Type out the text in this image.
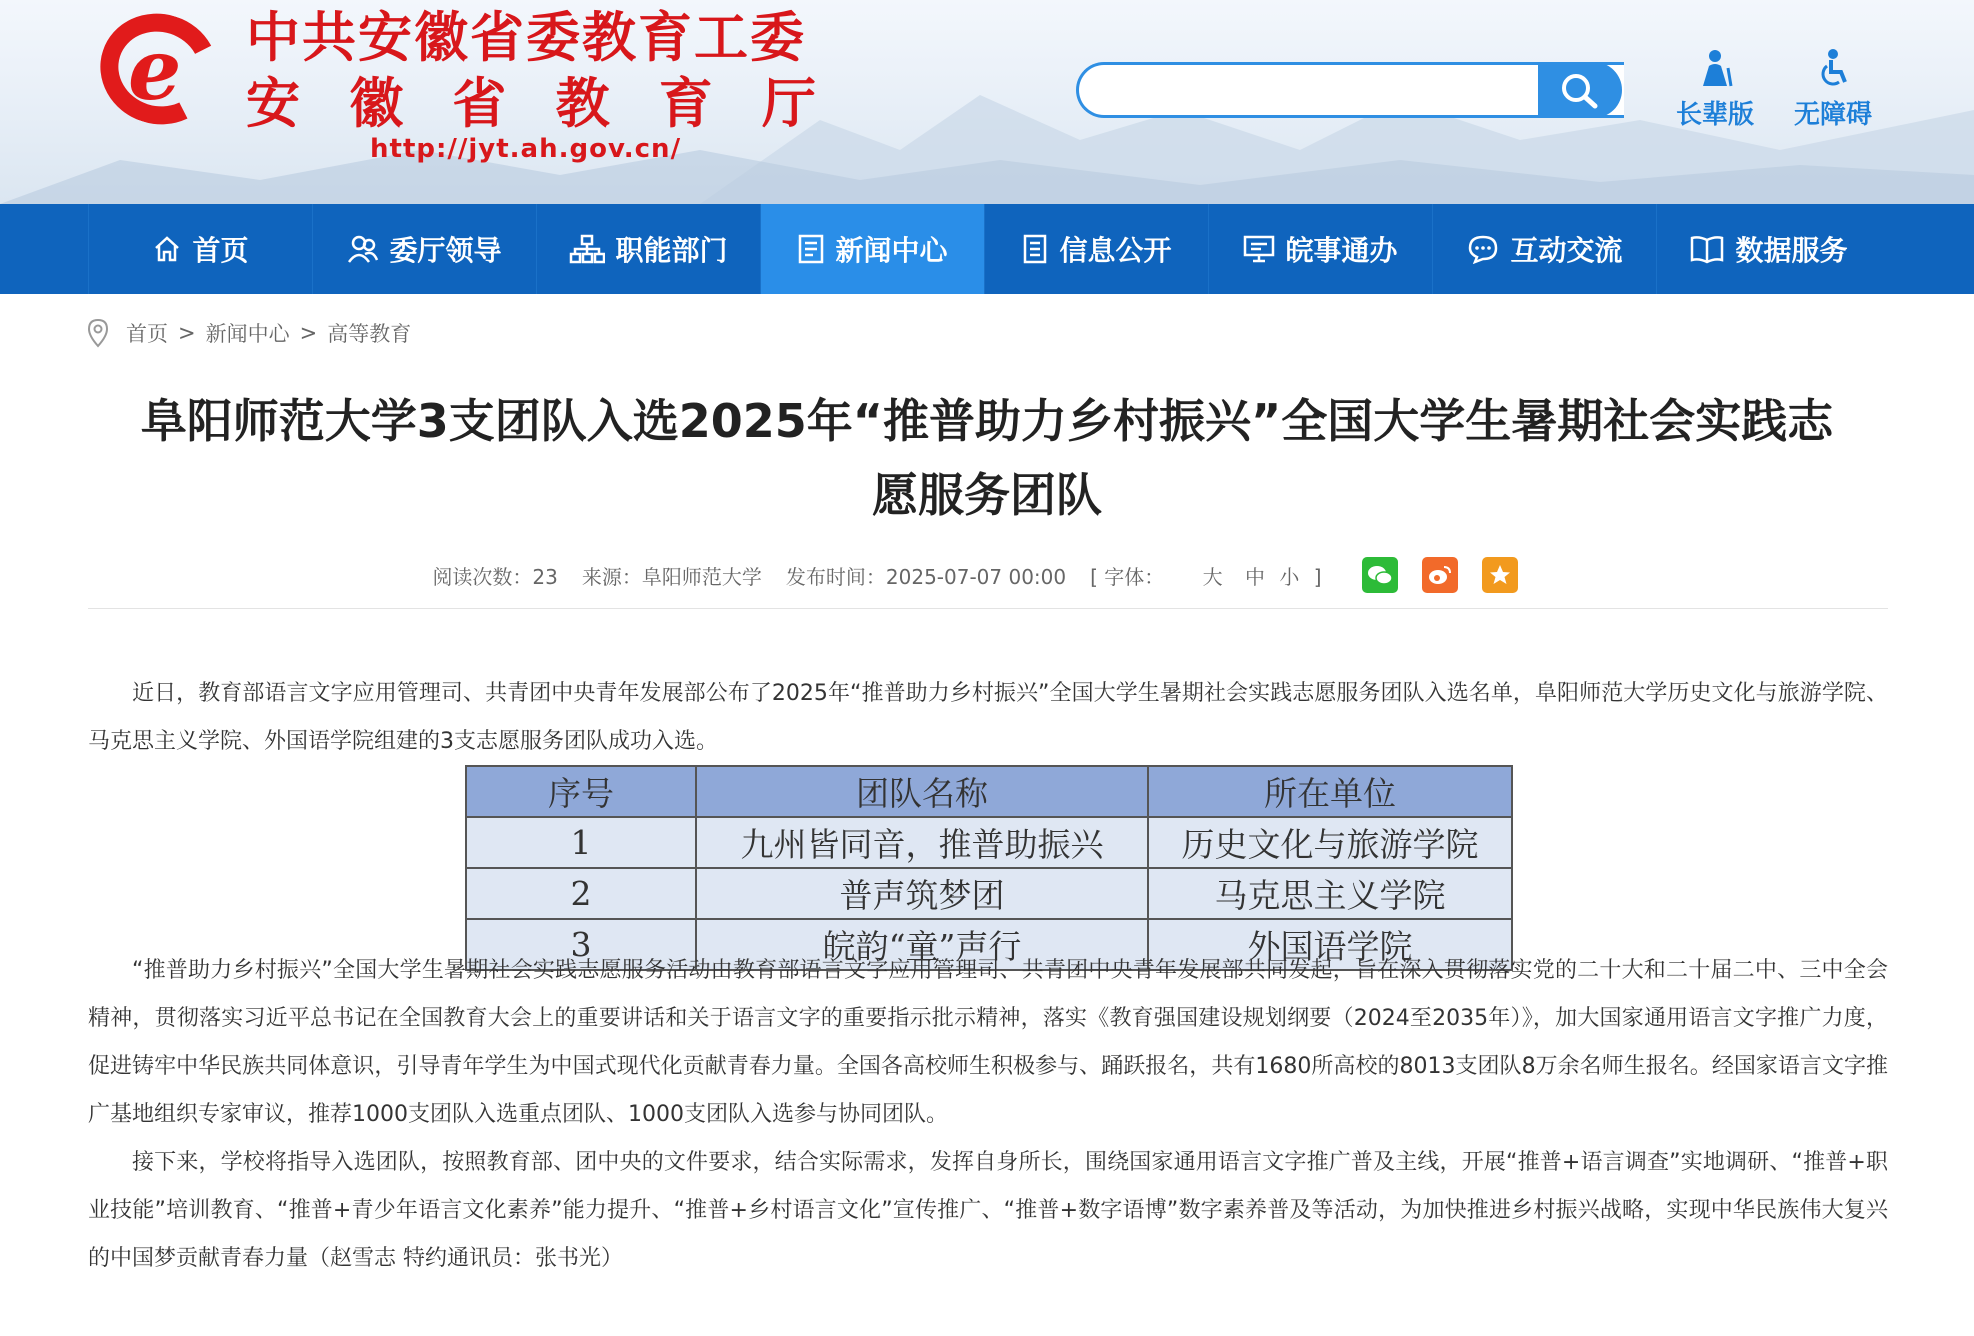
e	中共安徽省委教育工委
安 徽 省 教 育 厅
http://jyt.ah.gov.cn/
长辈版	无障碍
首页	委厅领导	职能部门	新闻中心	信息公开	皖事通办	互动交流	数据服务
首页 > 新闻中心 > 高等教育
阜阳师范大学3支团队入选2025年“推普助力乡村振兴”全国大学生暑期社会实践志
愿服务团队
阅读次数：23 来源：阜阳师范大学 发布时间：2025-07-07 00:00 [ 字体： 大 中 小 ]
近日，教育部语言文字应用管理司、共青团中央青年发展部公布了2025年“推普助力乡村振兴”全国大学生暑期社会实践志愿服务团队入选名单，阜阳师范大学历史文化与旅游学院、马克思主义学院、外国语学院组建的3支志愿服务团队成功入选。
序号	团队名称	所在单位
1	九州皆同音，推普助振兴	历史文化与旅游学院
2	普声筑梦团	马克思主义学院
3	皖韵“童”声行	外国语学院
“推普助力乡村振兴”全国大学生暑期社会实践志愿服务活动由教育部语言文字应用管理司、共青团中央青年发展部共同发起，旨在深入贯彻落实党的二十大和二十届二中、三中全会精神，贯彻落实习近平总书记在全国教育大会上的重要讲话和关于语言文字的重要指示批示精神，落实《教育强国建设规划纲要（2024至2035年）》，加大国家通用语言文字推广力度，促进铸牢中华民族共同体意识，引导青年学生为中国式现代化贡献青春力量。全国各高校师生积极参与、踊跃报名，共有1680所高校的8013支团队8万余名师生报名。经国家语言文字推广基地组织专家审议，推荐1000支团队入选重点团队、1000支团队入选参与协同团队。
接下来，学校将指导入选团队，按照教育部、团中央的文件要求，结合实际需求，发挥自身所长，围绕国家通用语言文字推广普及主线，开展“推普+语言调查”实地调研、“推普+职业技能”培训教育、“推普+青少年语言文化素养”能力提升、“推普+乡村语言文化”宣传推广、“推普+数字语博”数字素养普及等活动，为加快推进乡村振兴战略，实现中华民族伟大复兴的中国梦贡献青春力量（赵雪志 特约通讯员：张书光）
